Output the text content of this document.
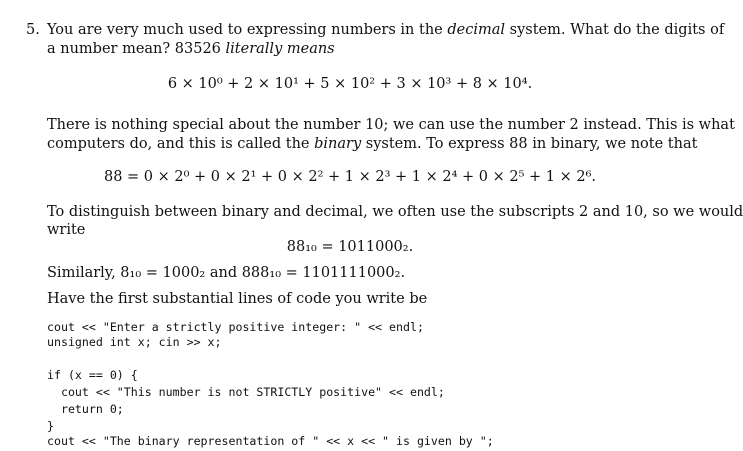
5. You are very much used to expressing numbers in the decimal system. What do the digits of
a number mean? 83526 literally means
6 × 10⁰ + 2 × 10¹ + 5 × 10² + 3 × 10³ + 8 × 10⁴.
There is nothing special about the number 10; we can use the number 2 instead. This is what
computers do, and this is called the binary system. To express 88 in binary, we note that
88 = 0 × 2⁰ + 0 × 2¹ + 0 × 2² + 1 × 2³ + 1 × 2⁴ + 0 × 2⁵ + 1 × 2⁶.
To distinguish between binary and decimal, we often use the subscripts 2 and 10, so we would
write
88₁₀ = 1011000₂.
Similarly, 8₁₀ = 1000₂ and 888₁₀ = 1101111000₂.
Have the first substantial lines of code you write be
cout << "Enter a strictly positive integer: " << endl;
unsigned int x; cin >> x;
if (x == 0) {
cout << "This number is not STRICTLY positive" << endl;
return 0;
}
cout << "The binary representation of " << x << " is given by ";
